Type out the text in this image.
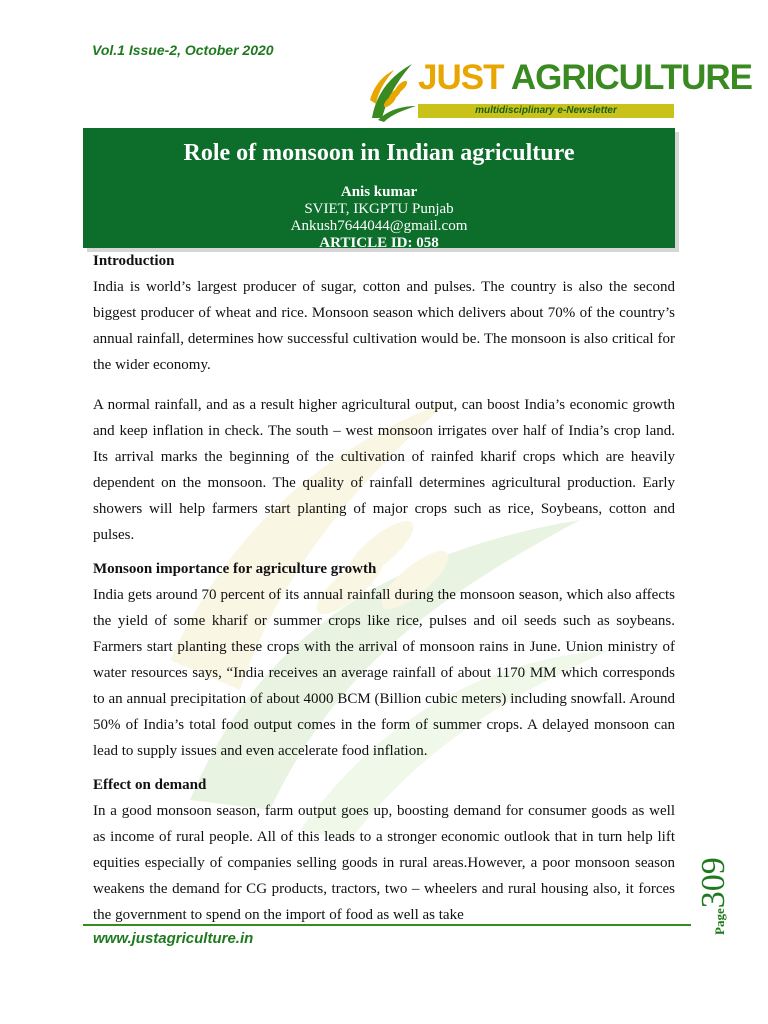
Vol.1 Issue-2, October 2020
JUST AGRICULTURE
multidisciplinary e-Newsletter
Role of monsoon in Indian agriculture
Anis kumar
SVIET, IKGPTU Punjab
Ankush7644044@gmail.com
ARTICLE ID: 058
Introduction

India is world’s largest producer of sugar, cotton and pulses. The country is also the second biggest producer of wheat and rice. Monsoon season which delivers about 70% of the country’s annual rainfall, determines how successful cultivation would be. The monsoon is also critical for the wider economy.

A normal rainfall, and as a result higher agricultural output, can boost India’s economic growth and keep inflation in check. The south – west monsoon irrigates over half of India’s crop land. Its arrival marks the beginning of the cultivation of rainfed kharif crops which are heavily dependent on the monsoon. The quality of rainfall determines agricultural production. Early showers will help farmers start planting of major crops such as rice, Soybeans, cotton and pulses.

Monsoon importance for agriculture growth

India gets around 70 percent of its annual rainfall during the monsoon season, which also affects the yield of some kharif or summer crops like rice, pulses and oil seeds such as soybeans. Farmers start planting these crops with the arrival of monsoon rains in June. Union ministry of water resources says, “India receives an average rainfall of about 1170 MM which corresponds to an annual precipitation of about 4000 BCM (Billion cubic meters) including snowfall. Around 50% of India’s total food output comes in the form of summer crops. A delayed monsoon can lead to supply issues and even accelerate food inflation.

Effect on demand

In a good monsoon season, farm output goes up, boosting demand for consumer goods as well as income of rural people. All of this leads to a stronger economic outlook that in turn help lift equities especially of companies selling goods in rural areas.However, a poor monsoon season weakens the demand for CG products, tractors, two – wheelers and rural housing also, it forces the government to spend on the import of food as well as take

www.justagriculture.in
Page309
